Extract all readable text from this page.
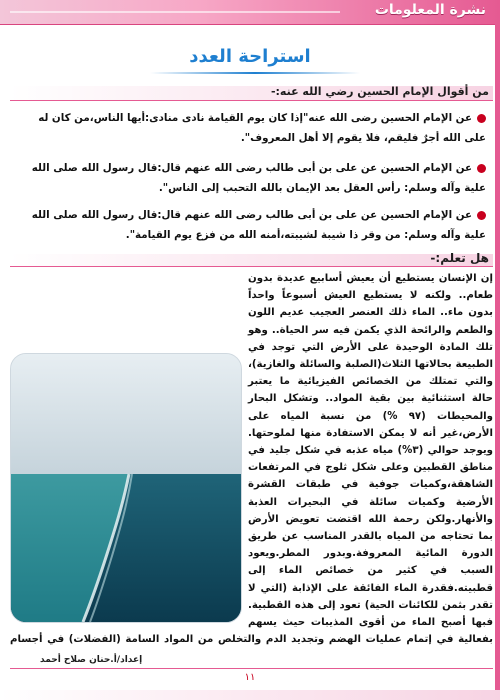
نشرة المعلومات
استراحة العدد
من أقوال الإمام الحسين رضي الله عنه:-
عن الإمام الحسين رضى الله عنه"إذا كان يوم القيامة نادى منادى:أيها الناس،من كان له على الله أجرٌ فليقم، فلا يقوم إلا أهل المعروف".
عن الإمام الحسين عن على بن أبى طالب رضى الله عنهم قال:قال رسول الله صلى الله علية وآله وسلم: رأس العقل بعد الإيمان بالله التحبب إلى الناس".
عن الإمام الحسين عن على بن أبى طالب رضى الله عنهم قال:قال رسول الله صلى الله علية وآله وسلم: من وقر ذا شيبة لشيبته،أمنه الله من فزع يوم القيامة".
هل تعلم:-
إن الإنسان يستطيع أن يعيش أسابيع عديدة بدون طعام.. ولكنه لا يستطيع العيش أسبوعاً واحداً بدون ماء.. الماء ذلك العنصر العجيب عديم اللون والطعم والرائحة الذي يكمن فيه سر الحياة.. وهو تلك المادة الوحيدة على الأرض التي توجد في الطبيعة بحالاتها الثلاث(الصلبة والسائلة والغازية)، والتي تمتلك من الخصائص الفيزيائية ما يعتبر حالة استثنائية بين بقية المواد.. وتشكل البحار والمحيطات (٩٧ %) من نسبة المياه على الأرض،غير أنه لا يمكن الاستفادة منها لملوحتها. ويوجد حوالي (٣%) مياه عذبه في شكل جليد في مناطق القطبين وعلى شكل ثلوج في المرتفعات الشاهقة،وكميات جوفية في طبقات القشرة الأرضية وكميات سائلة في البحيرات العذبة والأنهار.ولكن رحمة الله اقتضت تعويض الأرض بما تحتاجه من المياه بالقدر المناسب عن طريق الدورة المائية المعروفة.وبدور المطر.ويعود السبب في كثير من خصائص الماء إلى قطبيته.فقدرة الماء الفائقة على الإذابة (التي لا تقدر بثمن للكائنات الحية) تعود إلى هذه القطبية. فبها أصبح الماء من أقوى المذيبات حيث يسهم بفعالية في إتمام عمليات الهضم وتجديد الدم والتخلص من المواد السامة (الفضلات) في أجسام
إعداد/أ.حنان صلاح أحمد
١١
